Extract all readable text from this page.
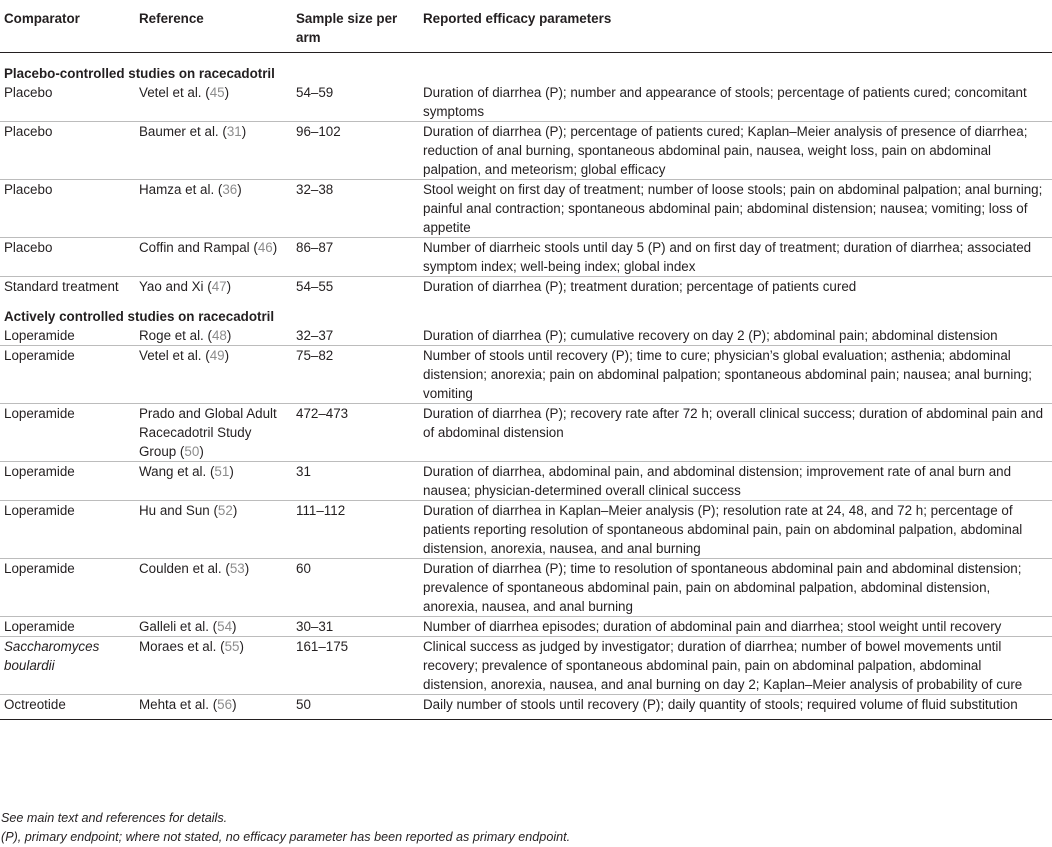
Comparator	Reference	Sample size per arm	Reported efficacy parameters
Placebo-controlled studies on racecadotril			
Placebo	Vetel et al. (45)	54–59	Duration of diarrhea (P); number and appearance of stools; percentage of patients cured; concomitant symptoms
Placebo	Baumer et al. (31)	96–102	Duration of diarrhea (P); percentage of patients cured; Kaplan–Meier analysis of presence of diarrhea; reduction of anal burning, spontaneous abdominal pain, nausea, weight loss, pain on abdominal palpation, and meteorism; global efficacy
Placebo	Hamza et al. (36)	32–38	Stool weight on first day of treatment; number of loose stools; pain on abdominal palpation; anal burning; painful anal contraction; spontaneous abdominal pain; abdominal distension; nausea; vomiting; loss of appetite
Placebo	Coffin and Rampal (46)	86–87	Number of diarrheic stools until day 5 (P) and on first day of treatment; duration of diarrhea; associated symptom index; well-being index; global index
Standard treatment	Yao and Xi (47)	54–55	Duration of diarrhea (P); treatment duration; percentage of patients cured
Actively controlled studies on racecadotril			
Loperamide	Roge et al. (48)	32–37	Duration of diarrhea (P); cumulative recovery on day 2 (P); abdominal pain; abdominal distension
Loperamide	Vetel et al. (49)	75–82	Number of stools until recovery (P); time to cure; physician’s global evaluation; asthenia; abdominal distension; anorexia; pain on abdominal palpation; spontaneous abdominal pain; nausea; anal burning; vomiting
Loperamide	Prado and Global Adult Racecadotril Study Group (50)	472–473	Duration of diarrhea (P); recovery rate after 72 h; overall clinical success; duration of abdominal pain and of abdominal distension
Loperamide	Wang et al. (51)	31	Duration of diarrhea, abdominal pain, and abdominal distension; improvement rate of anal burn and nausea; physician-determined overall clinical success
Loperamide	Hu and Sun (52)	111–112	Duration of diarrhea in Kaplan–Meier analysis (P); resolution rate at 24, 48, and 72 h; percentage of patients reporting resolution of spontaneous abdominal pain, pain on abdominal palpation, abdominal distension, anorexia, nausea, and anal burning
Loperamide	Coulden et al. (53)	60	Duration of diarrhea (P); time to resolution of spontaneous abdominal pain and abdominal distension; prevalence of spontaneous abdominal pain, pain on abdominal palpation, abdominal distension, anorexia, nausea, and anal burning
Loperamide	Galleli et al. (54)	30–31	Number of diarrhea episodes; duration of abdominal pain and diarrhea; stool weight until recovery
Saccharomyces boulardii	Moraes et al. (55)	161–175	Clinical success as judged by investigator; duration of diarrhea; number of bowel movements until recovery; prevalence of spontaneous abdominal pain, pain on abdominal palpation, abdominal distension, anorexia, nausea, and anal burning on day 2; Kaplan–Meier analysis of probability of cure
Octreotide	Mehta et al. (56)	50	Daily number of stools until recovery (P); daily quantity of stools; required volume of fluid substitution
See main text and references for details.
(P), primary endpoint; where not stated, no efficacy parameter has been reported as primary endpoint.
